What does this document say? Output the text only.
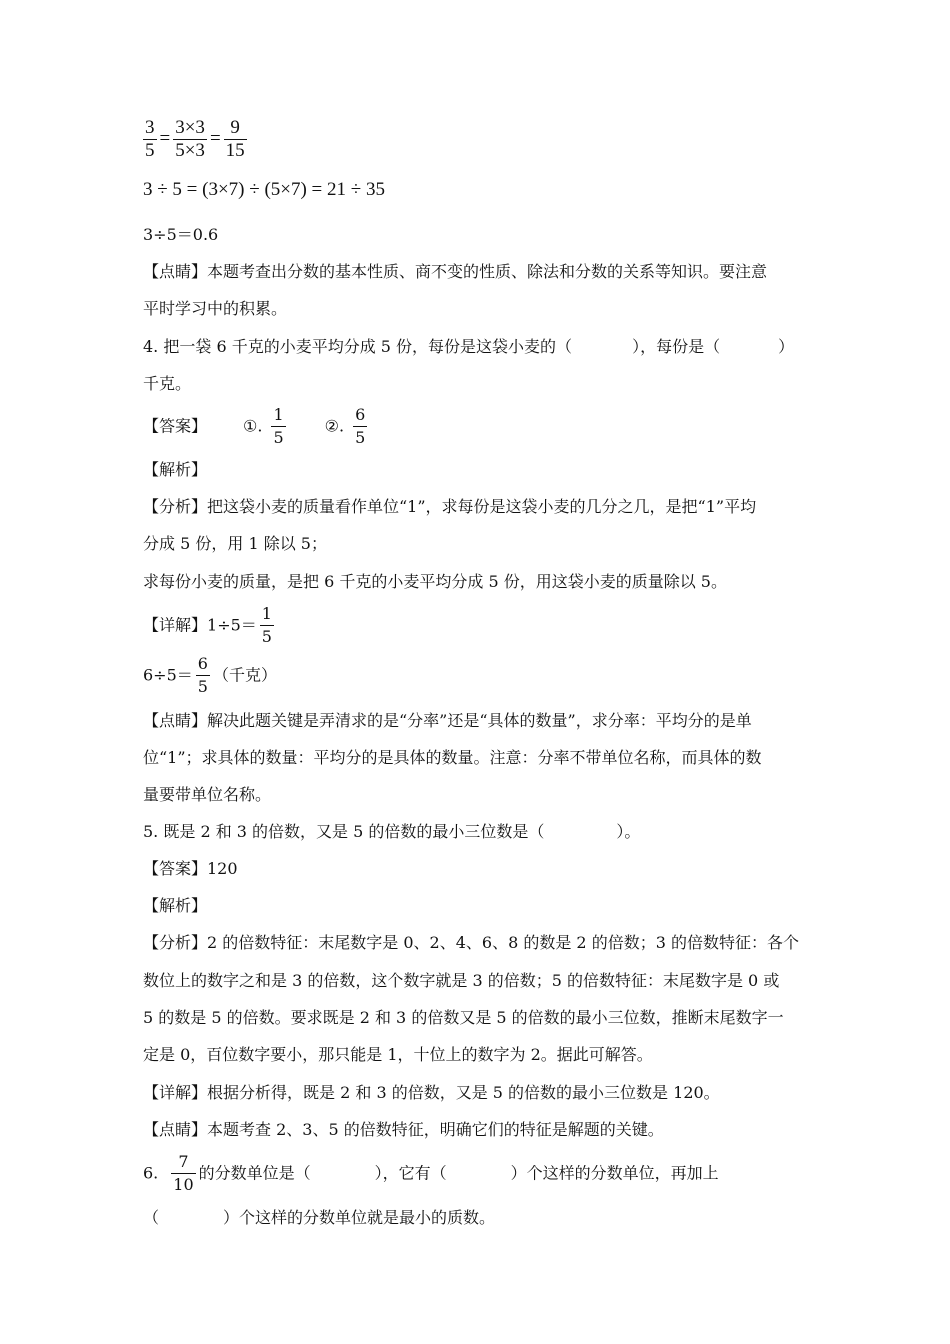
$\frac{3}{5} = \frac{3\times 3}{5\times 3} = \frac{9}{15}$
3 ÷ 5 = (3×7) ÷ (5×7) = 21 ÷ 35
3÷5＝0.6
【点睛】本题考查出分数的基本性质、商不变的性质、除法和分数的关系等知识。要注意
平时学习中的积累。
4. 把一袋 6 千克的小麦平均分成 5 份，每份是这袋小麦的（	），每份是（	）
千克。
【答案】 ①. $\frac{1}{5}$ ②. $\frac{6}{5}$
【解析】
【分析】把这袋小麦的质量看作单位“1”，求每份是这袋小麦的几分之几，是把“1”平均
分成 5 份，用 1 除以 5；
求每份小麦的质量，是把 6 千克的小麦平均分成 5 份，用这袋小麦的质量除以 5。
【详解】$1\div 5= \frac{1}{5}$
$6\div 5= \frac{6}{5}$ （千克）
【点睛】解决此题关键是弄清求的是“分率”还是“具体的数量”，求分率：平均分的是单
位“1”；求具体的数量：平均分的是具体的数量。注意：分率不带单位名称，而具体的数
量要带单位名称。
5. 既是 2 和 3 的倍数，又是 5 的倍数的最小三位数是（	）。
【答案】120
【解析】
【分析】2 的倍数特征：末尾数字是 0、2、4、6、8 的数是 2 的倍数；3 的倍数特征：各个
数位上的数字之和是 3 的倍数，这个数字就是 3 的倍数；5 的倍数特征：末尾数字是 0 或
5 的数是 5 的倍数。要求既是 2 和 3 的倍数又是 5 的倍数的最小三位数，推断末尾数字一
定是 0，百位数字要小，那只能是 1，十位上的数字为 2。据此可解答。
【详解】根据分析得，既是 2 和 3 的倍数，又是 5 的倍数的最小三位数是 120。
【点睛】本题考查 2、3、5 的倍数特征，明确它们的特征是解题的关键。
6. $\frac{7}{10}$ 的分数单位是（	），它有（	）个这样的分数单位，再加上
（	）个这样的分数单位就是最小的质数。
